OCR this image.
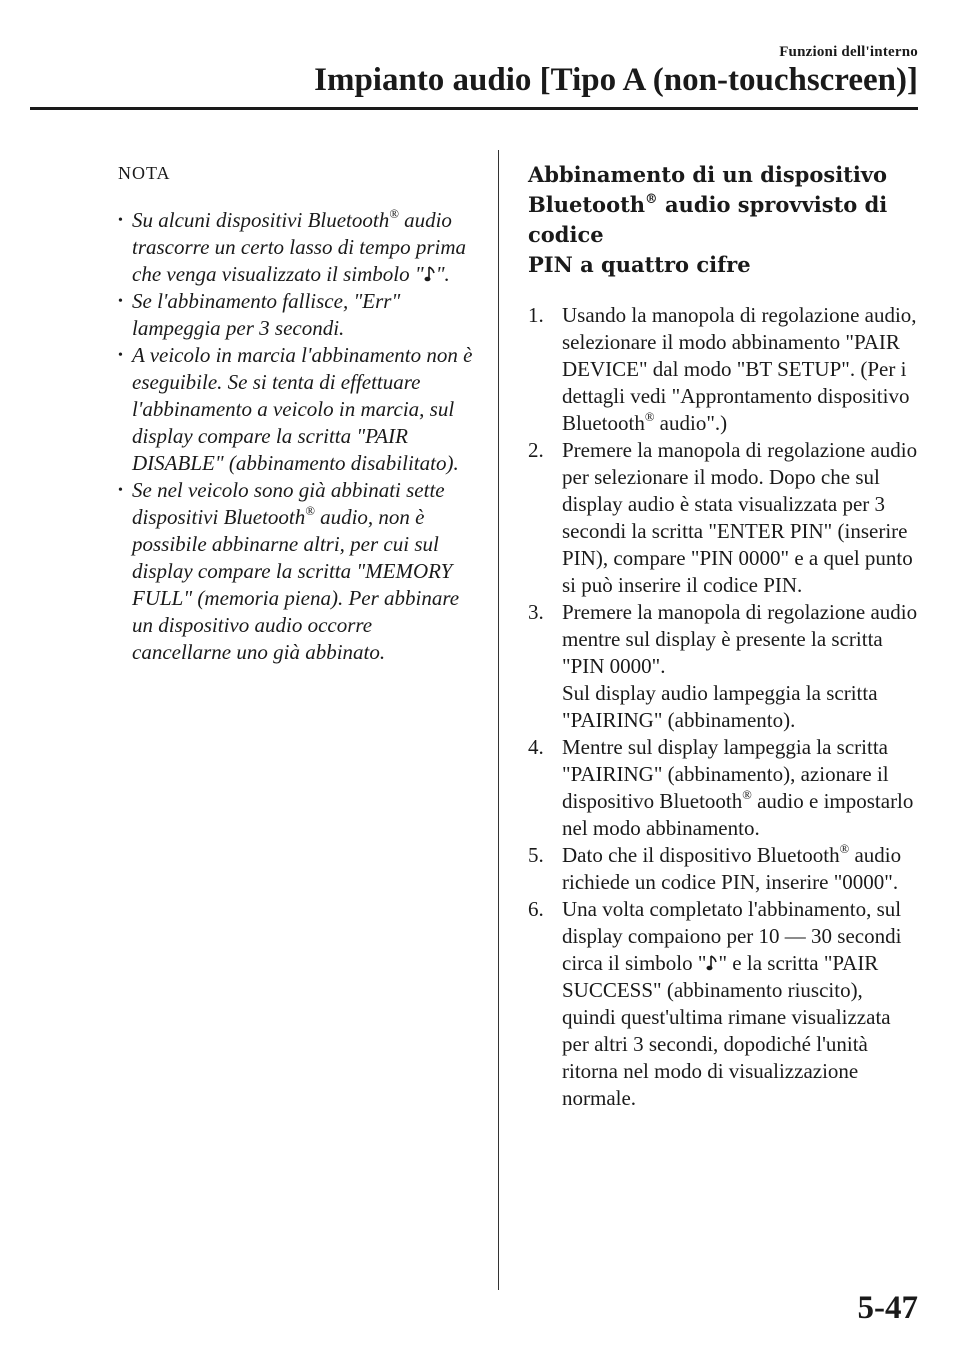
Funzioni dell'interno
Impianto audio [Tipo A (non-touchscreen)]
NOTA
• Su alcuni dispositivi Bluetooth® audio trascorre un certo lasso di tempo prima che venga visualizzato il simbolo " ".
• Se l'abbinamento fallisce, "Err" lampeggia per 3 secondi.
• A veicolo in marcia l'abbinamento non è eseguibile. Se si tenta di effettuare l'abbinamento a veicolo in marcia, sul display compare la scritta "PAIR DISABLE" (abbinamento disabilitato).
• Se nel veicolo sono già abbinati sette dispositivi Bluetooth® audio, non è possibile abbinarne altri, per cui sul display compare la scritta "MEMORY FULL" (memoria piena). Per abbinare un dispositivo audio occorre cancellarne uno già abbinato.
Abbinamento di un dispositivo
Bluetooth® audio sprovvisto di codice
PIN a quattro cifre
1. Usando la manopola di regolazione audio, selezionare il modo abbinamento "PAIR DEVICE" dal modo "BT SETUP". (Per i dettagli vedi "Approntamento dispositivo Bluetooth® audio".)
2. Premere la manopola di regolazione audio per selezionare il modo. Dopo che sul display audio è stata visualizzata per 3 secondi la scritta "ENTER PIN" (inserire PIN), compare "PIN 0000" e a quel punto si può inserire il codice PIN.
3. Premere la manopola di regolazione audio mentre sul display è presente la scritta "PIN 0000".
Sul display audio lampeggia la scritta "PAIRING" (abbinamento).
4. Mentre sul display lampeggia la scritta "PAIRING" (abbinamento), azionare il dispositivo Bluetooth® audio e impostarlo nel modo abbinamento.
5. Dato che il dispositivo Bluetooth® audio richiede un codice PIN, inserire "0000".
6. Una volta completato l'abbinamento, sul display compaiono per 10 — 30 secondi circa il simbolo " " e la scritta "PAIR SUCCESS" (abbinamento riuscito), quindi quest'ultima rimane visualizzata per altri 3 secondi, dopodiché l'unità ritorna nel modo di visualizzazione normale.
5-47
